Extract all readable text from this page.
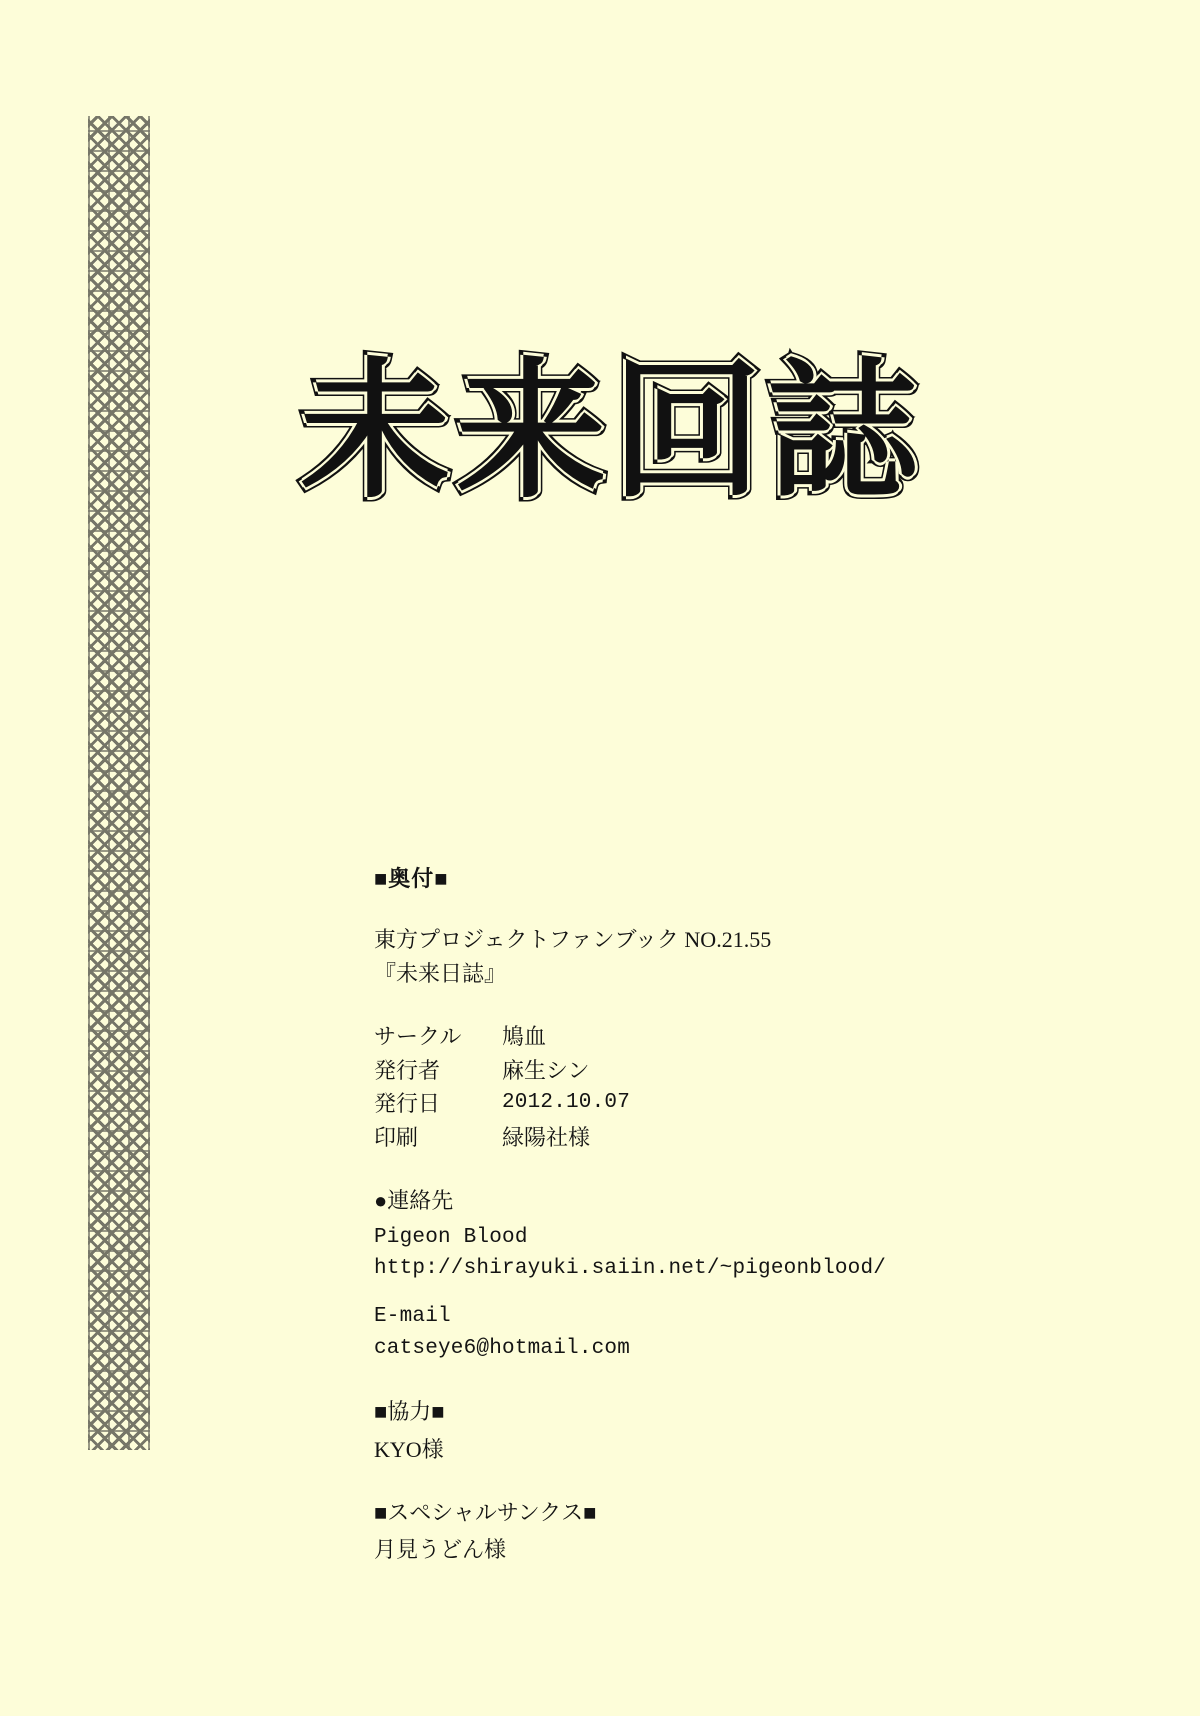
未来回誌

■奥付■

東方プロジェクトファンブック NO.21.55

『未来日誌』

サークル	鳩血
発行者	麻生シン
発行日	2012.10.07
印刷	緑陽社様

●連絡先

Pigeon Blood

http://shirayuki.saiin.net/~pigeonblood/

E-mail

catseye6@hotmail.com

■協力■

KYO様

■スペシャルサンクス■

月見うどん様
